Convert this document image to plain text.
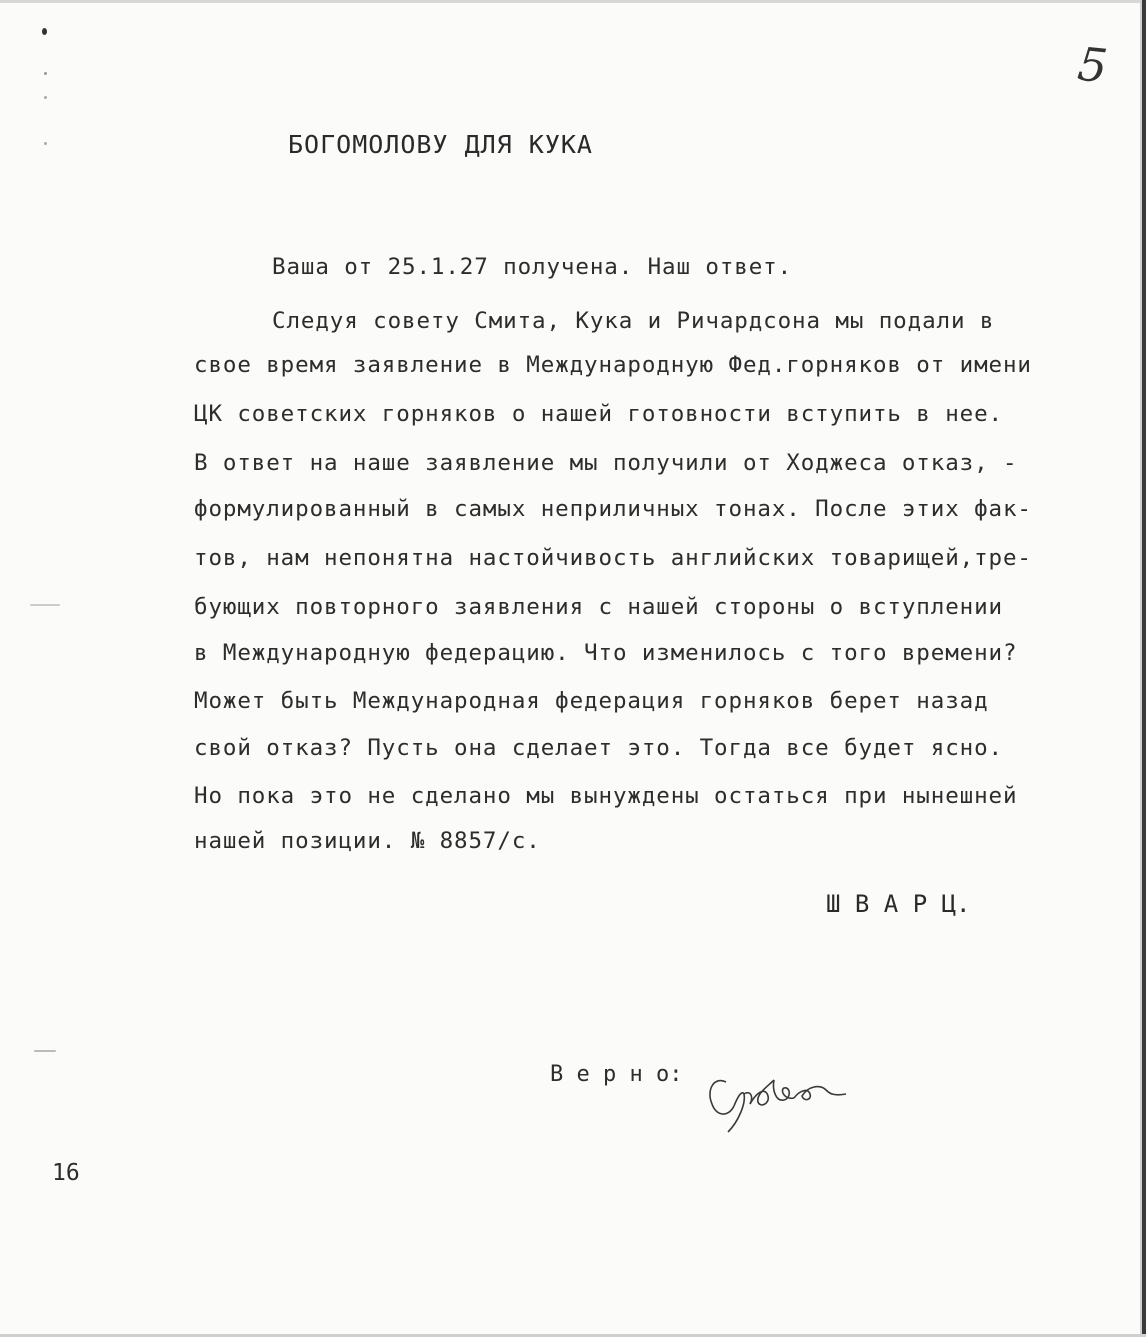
5
БОГОМОЛОВУ ДЛЯ КУКА
Ваша от 25.1.27 получена. Наш ответ.
Следуя совету Смита, Кука и Ричардсона мы подали в
свое время заявление в Международную Фед.горняков от имени
ЦК советских горняков о нашей готовности вступить в нее.
В ответ на наше заявление мы получили от Ходжеса отказ, -
формулированный в самых неприличных тонах. После этих фак-
тов, нам непонятна настойчивость английских товарищей,тре-
бующих повторного заявления с нашей стороны о вступлении
в Международную федерацию. Что изменилось с того времени?
Может быть Международная федерация горняков берет назад
свой отказ? Пусть она сделает это. Тогда все будет ясно.
Но пока это не сделано мы вынуждены остаться при нынешней
нашей позиции. № 8857/с.
Ш В А Р Ц.
В е р н о:
Сурова
16
